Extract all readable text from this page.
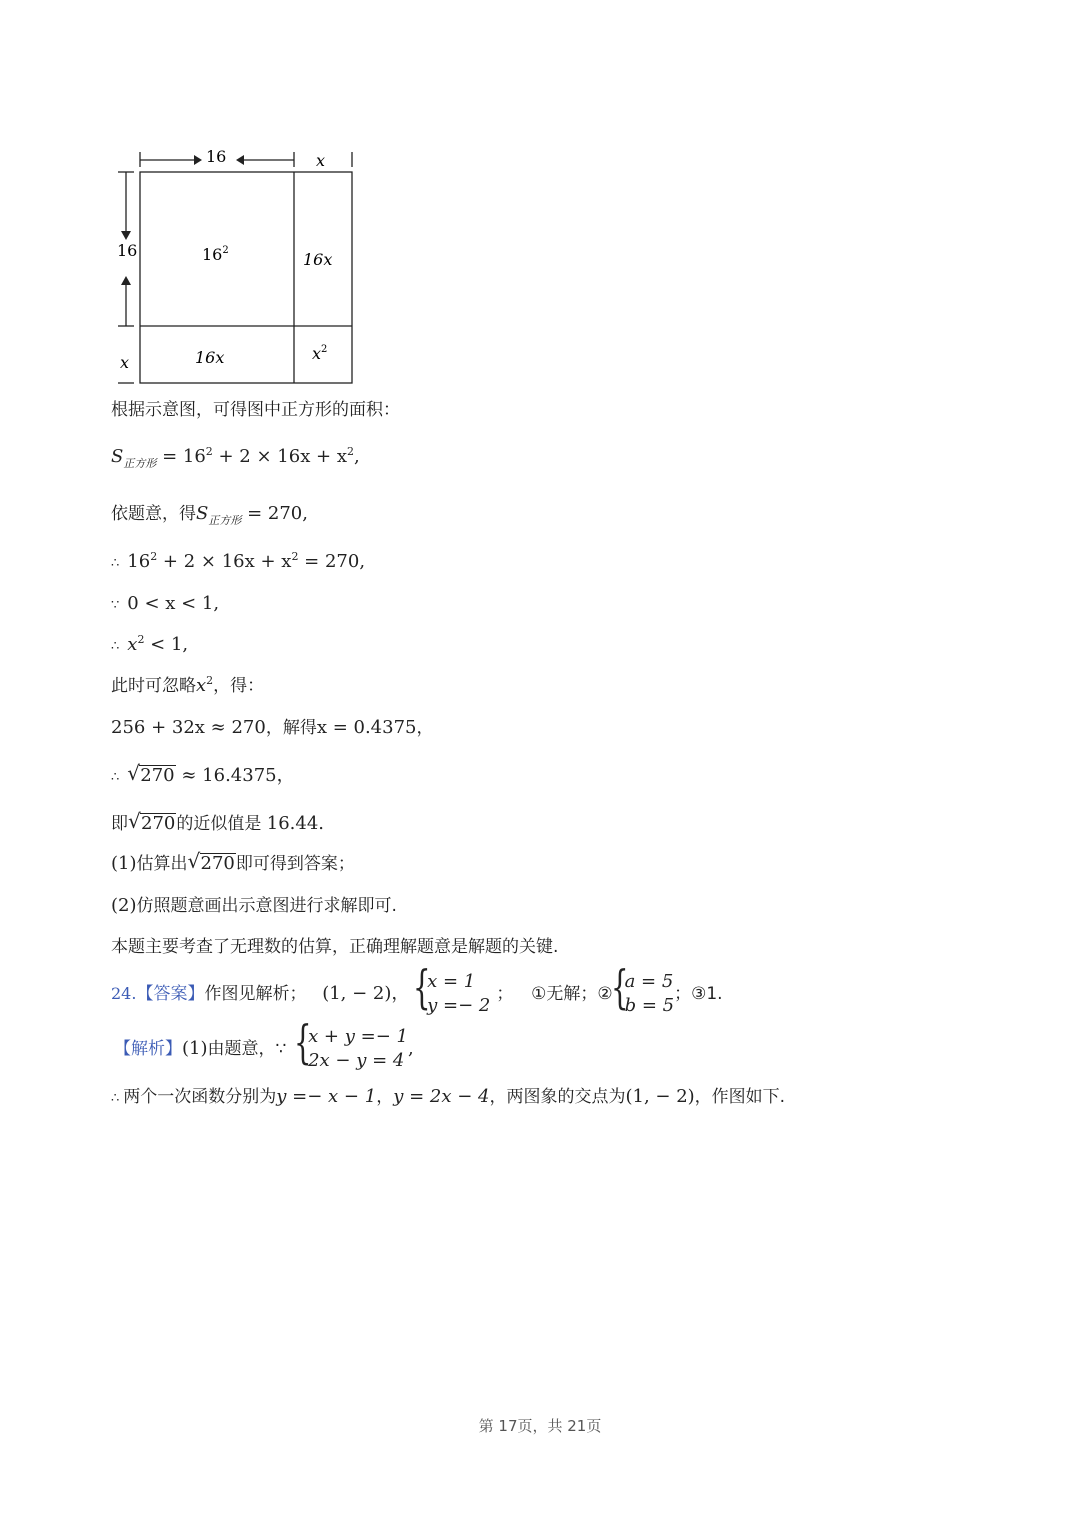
16	x
16
x
$16^2$	16x
16x	$x^2$
根据示意图，可得图中正方形的面积：
$S_{正方形} = 16^2 + 2 \times 16x + x^2$,
依题意，得$S_{正方形} = 270$,
∴ $16^2 + 2 \times 16x + x^2 = 270$,
∵ 0 < x < 1,
∴ $x^2 < 1$,
此时可忽略$x^2$，得：
256 + 32x ≈ 270，解得x = 0.4375，
∴ √ 270 ≈ 16.4375，
即 √ 270的近似值是 16.44.
(1)估算出 √ 270即可得到答案；
(2)仿照题意画出示意图进行求解即可.
本题主要考查了无理数的估算，正确理解题意是解题的关键.
24.【答案】作图见解析； (1, − 2)， {
x = 1
y =− 2
； ①无解；②
{
a = 5
b = 5
；③1.
【解析】(1)由题意，∵ {
x + y =− 1
2x − y = 4
,
∴ 两个一次函数分别为y =− x − 1，y = 2x − 4，两图象的交点为(1, − 2)，作图如下.
第 17页，共 21页
